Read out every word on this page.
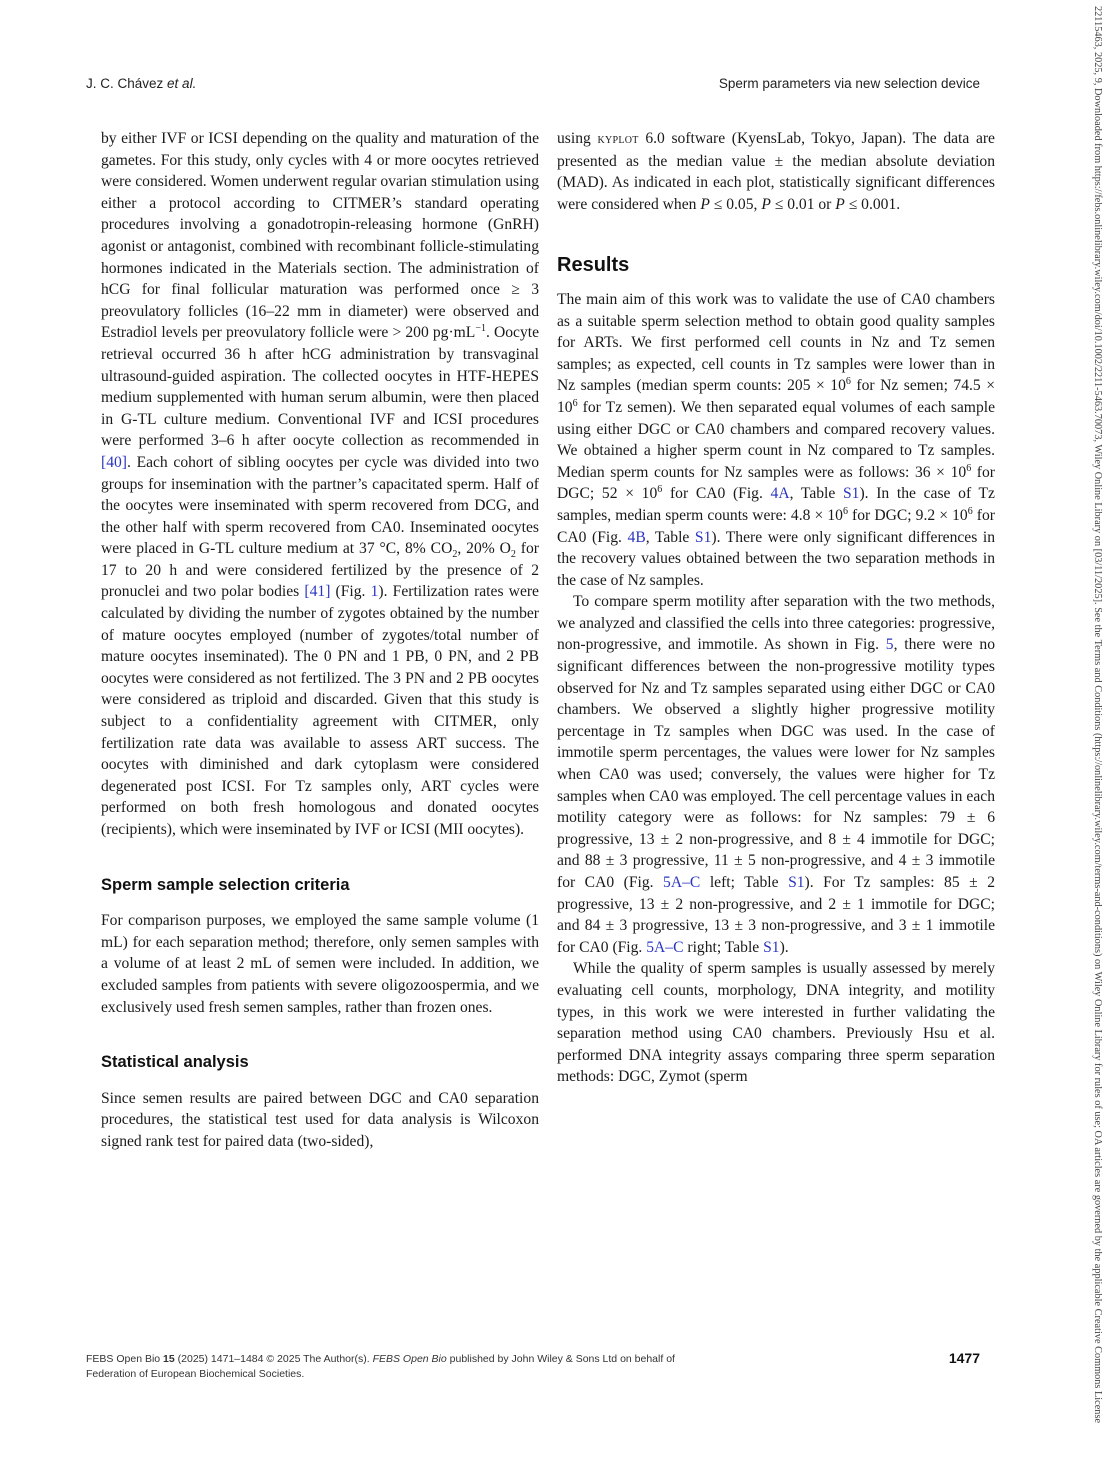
J. C. Chávez et al.	Sperm parameters via new selection device

by either IVF or ICSI depending on the quality and maturation of the gametes. For this study, only cycles with 4 or more oocytes retrieved were considered. Women underwent regular ovarian stimulation using either a protocol according to CITMER’s standard operating procedures involving a gonadotropin-releasing hormone (GnRH) agonist or antagonist, combined with recombinant follicle-stimulating hormones indicated in the Materials section. The administration of hCG for final follicular maturation was performed once ≥ 3 preovulatory follicles (16–22 mm in diameter) were observed and Estradiol levels per preovulatory follicle were > 200 $pg\cdot mL^{-1}$. Oocyte retrieval occurred 36 h after hCG administration by transvaginal ultrasound-guided aspiration. The collected oocytes in HTF-HEPES medium supplemented with human serum albumin, were then placed in G-TL culture medium. Conventional IVF and ICSI procedures were performed 3–6 h after oocyte collection as recommended in [40]. Each cohort of sibling oocytes per cycle was divided into two groups for insemination with the partner’s capacitated sperm. Half of the oocytes were inseminated with sperm recovered from DCG, and the other half with sperm recovered from CA0. Inseminated oocytes were placed in G-TL culture medium at 37 °C, 8% $CO_2$, 20% $O_2$ for 17 to 20 h and were considered fertilized by the presence of 2 pronuclei and two polar bodies [41] (Fig. 1). Fertilization rates were calculated by dividing the number of zygotes obtained by the number of mature oocytes employed (number of zygotes/total number of mature oocytes inseminated). The 0 PN and 1 PB, 0 PN, and 2 PB oocytes were considered as not fertilized. The 3 PN and 2 PB oocytes were considered as triploid and discarded. Given that this study is subject to a confidentiality agreement with CITMER, only fertilization rate data was available to assess ART success. The oocytes with diminished and dark cytoplasm were considered degenerated post ICSI. For Tz samples only, ART cycles were performed on both fresh homologous and donated oocytes (recipients), which were inseminated by IVF or ICSI (MII oocytes).

Sperm sample selection criteria

For comparison purposes, we employed the same sample volume (1 mL) for each separation method; therefore, only semen samples with a volume of at least 2 mL of semen were included. In addition, we excluded samples from patients with severe oligozoospermia, and we exclusively used fresh semen samples, rather than frozen ones.

Statistical analysis

Since semen results are paired between DGC and CA0 separation procedures, the statistical test used for data analysis is Wilcoxon signed rank test for paired data (two-sided),

using kyplot 6.0 software (KyensLab, Tokyo, Japan). The data are presented as the median value ± the median absolute deviation (MAD). As indicated in each plot, statistically significant differences were considered when P ≤ 0.05, P ≤ 0.01 or P ≤ 0.001.

Results

The main aim of this work was to validate the use of CA0 chambers as a suitable sperm selection method to obtain good quality samples for ARTs. We first performed cell counts in Nz and Tz semen samples; as expected, cell counts in Tz samples were lower than in Nz samples (median sperm counts: $205 \times 10^6$ for Nz semen; $74.5 \times 10^6$ for Tz semen). We then separated equal volumes of each sample using either DGC or CA0 chambers and compared recovery values. We obtained a higher sperm count in Nz compared to Tz samples. Median sperm counts for Nz samples were as follows: $36 \times 10^6$ for DGC; $52 \times 10^6$ for CA0 (Fig. 4A, Table S1). In the case of Tz samples, median sperm counts were: $4.8 \times 10^6$ for DGC; $9.2 \times 10^6$ for CA0 (Fig. 4B, Table S1). There were only significant differences in the recovery values obtained between the two separation methods in the case of Nz samples.

To compare sperm motility after separation with the two methods, we analyzed and classified the cells into three categories: progressive, non-progressive, and immotile. As shown in Fig. 5, there were no significant differences between the non-progressive motility types observed for Nz and Tz samples separated using either DGC or CA0 chambers. We observed a slightly higher progressive motility percentage in Tz samples when DGC was used. In the case of immotile sperm percentages, the values were lower for Nz samples when CA0 was used; conversely, the values were higher for Tz samples when CA0 was employed. The cell percentage values in each motility category were as follows: for Nz samples: 79 ± 6 progressive, 13 ± 2 non-progressive, and 8 ± 4 immotile for DGC; and 88 ± 3 progressive, 11 ± 5 non-progressive, and 4 ± 3 immotile for CA0 (Fig. 5A–C left; Table S1). For Tz samples: 85 ± 2 progressive, 13 ± 2 non-progressive, and 2 ± 1 immotile for DGC; and 84 ± 3 progressive, 13 ± 3 non-progressive, and 3 ± 1 immotile for CA0 (Fig. 5A–C right; Table S1).

While the quality of sperm samples is usually assessed by merely evaluating cell counts, morphology, DNA integrity, and motility types, in this work we were interested in further validating the separation method using CA0 chambers. Previously Hsu et al. performed DNA integrity assays comparing three sperm separation methods: DGC, Zymot (sperm

FEBS Open Bio 15 (2025) 1471–1484 © 2025 The Author(s). FEBS Open Bio published by John Wiley & Sons Ltd on behalf of
Federation of European Biochemical Societies.
1477	22115463, 2025, 9, Downloaded from https://febs.onlinelibrary.wiley.com/doi/10.1002/2211-5463.70073, Wiley Online Library on [03/11/2025]. See the Terms and Conditions (https://onlinelibrary.wiley.com/terms-and-conditions) on Wiley Online Library for rules of use; OA articles are governed by the applicable Creative Commons License
